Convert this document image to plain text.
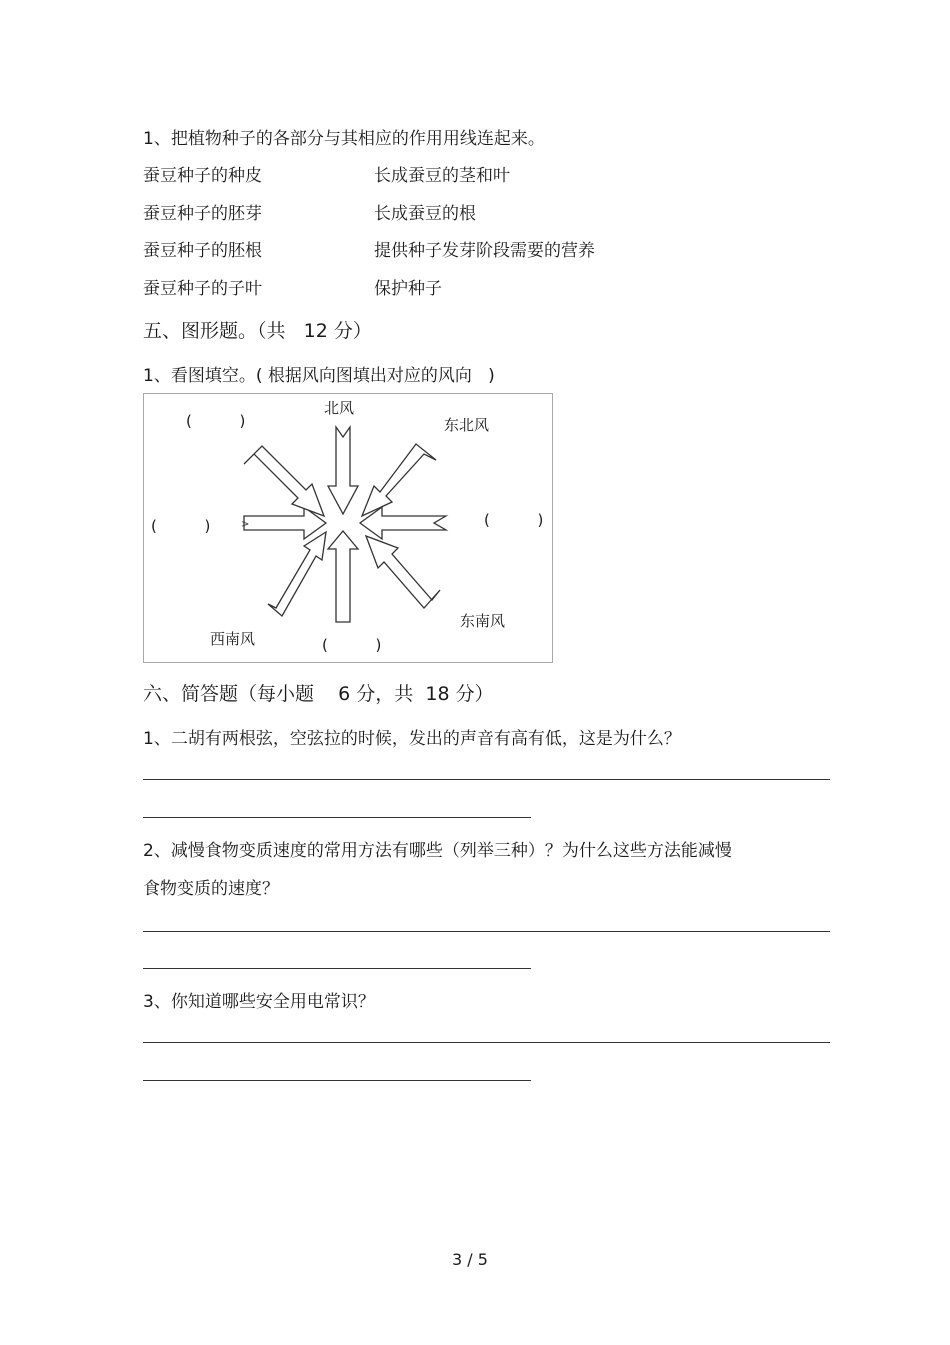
1、把植物种子的各部分与其相应的作用用线连起来。
蚕豆种子的种皮	长成蚕豆的茎和叶
蚕豆种子的胚芽	长成蚕豆的根
蚕豆种子的胚根	提供种子发芽阶段需要的营养
蚕豆种子的子叶	保护种子
五、图形题。（共   12 分）
1、看图填空。( 根据风向图填出对应的风向   )
>
北风
东北风
东南风
西南风
(          )
(          )	(          )
(          )
六、简答题（每小题    6 分，共  18 分）
1、二胡有两根弦，空弦拉的时候，发出的声音有高有低，这是为什么？
2、减慢食物变质速度的常用方法有哪些（列举三种）？为什么这些方法能减慢
食物变质的速度？
3、你知道哪些安全用电常识？
3 / 5
